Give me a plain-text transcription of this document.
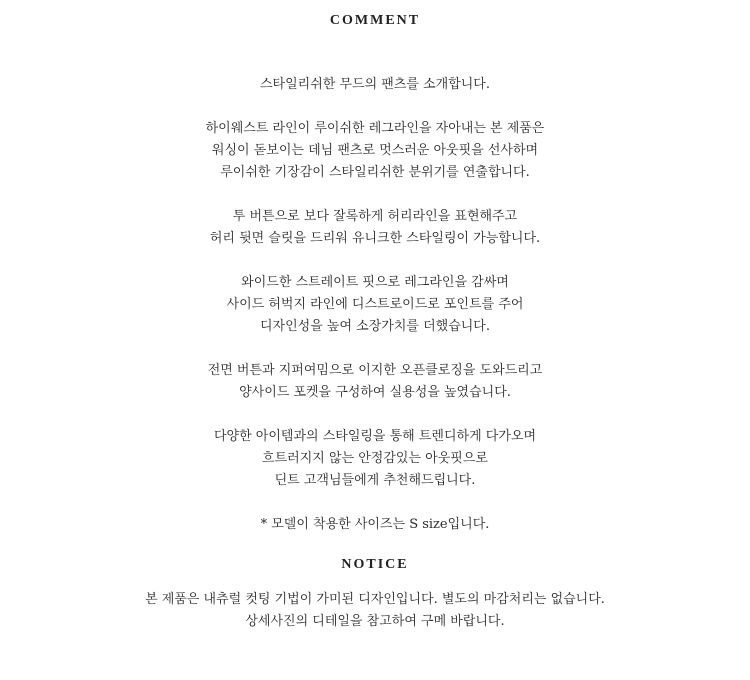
COMMENT
스타일리쉬한 무드의 팬츠를 소개합니다.
하이웨스트 라인이 루이쉬한 레그라인을 자아내는 본 제품은
워싱이 돋보이는 데님 팬츠로 멋스러운 아웃핏을 선사하며
루이쉬한 기장감이 스타일리쉬한 분위기를 연출합니다.
투 버튼으로 보다 잘록하게 허리라인을 표현해주고
허리 뒷면 슬릿을 드리워 유니크한 스타일링이 가능합니다.
와이드한 스트레이트 핏으로 레그라인을 감싸며
사이드 허벅지 라인에 디스트로이드로 포인트를 주어
디자인성을 높여 소장가치를 더했습니다.
전면 버튼과 지퍼여밈으로 이지한 오픈클로징을 도와드리고
양사이드 포켓을 구성하여 실용성을 높였습니다.
다양한 아이템과의 스타일링을 통해 트렌디하게 다가오며
흐트러지지 않는 안정감있는 아웃핏으로
딘트 고객님들에게 추천해드립니다.
* 모델이 착용한 사이즈는 S size입니다.
NOTICE
본 제품은 내츄럴 컷팅 기법이 가미된 디자인입니다. 별도의 마감처리는 없습니다.
상세사진의 디테일을 참고하여 구메 바랍니다.
